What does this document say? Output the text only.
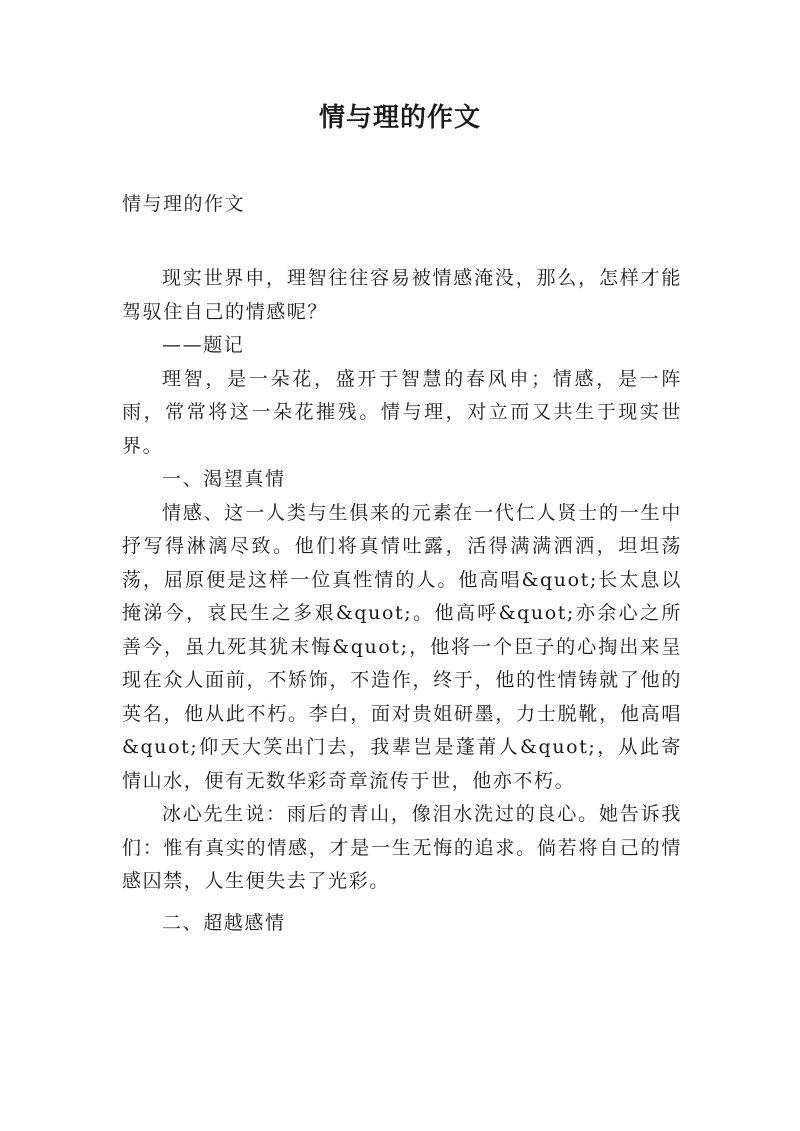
情与理的作文

情与理的作文

现实世界申，理智往往容易被情感淹没，那么，怎样才能驾驭住自己的情感呢？

——题记

理智，是一朵花，盛开于智慧的春风申；情感，是一阵雨，常常将这一朵花摧残。情与理，对立而又共生于现实世界。

一、渴望真情

情感、这一人类与生俱来的元素在一代仁人贤士的一生中抒写得淋漓尽致。他们将真情吐露，活得满满洒洒，坦坦荡荡，屈原便是这样一位真性情的人。他高唱&quot;长太息以掩涕今，哀民生之多艰&quot;。他高呼&quot;亦余心之所善今，虽九死其犹末悔&quot;，他将一个臣子的心掏出来呈现在众人面前，不矫饰，不造作，终于，他的性情铸就了他的英名，他从此不朽。李白，面对贵姐研墨，力士脱靴，他高唱&quot;仰天大笑出门去，我辈岂是蓬莆人&quot;，从此寄情山水，便有无数华彩奇章流传于世，他亦不朽。

冰心先生说：雨后的青山，像泪水洗过的良心。她告诉我们：惟有真实的情感，才是一生无悔的追求。倘若将自己的情感囚禁，人生便失去了光彩。

二、超越感情
